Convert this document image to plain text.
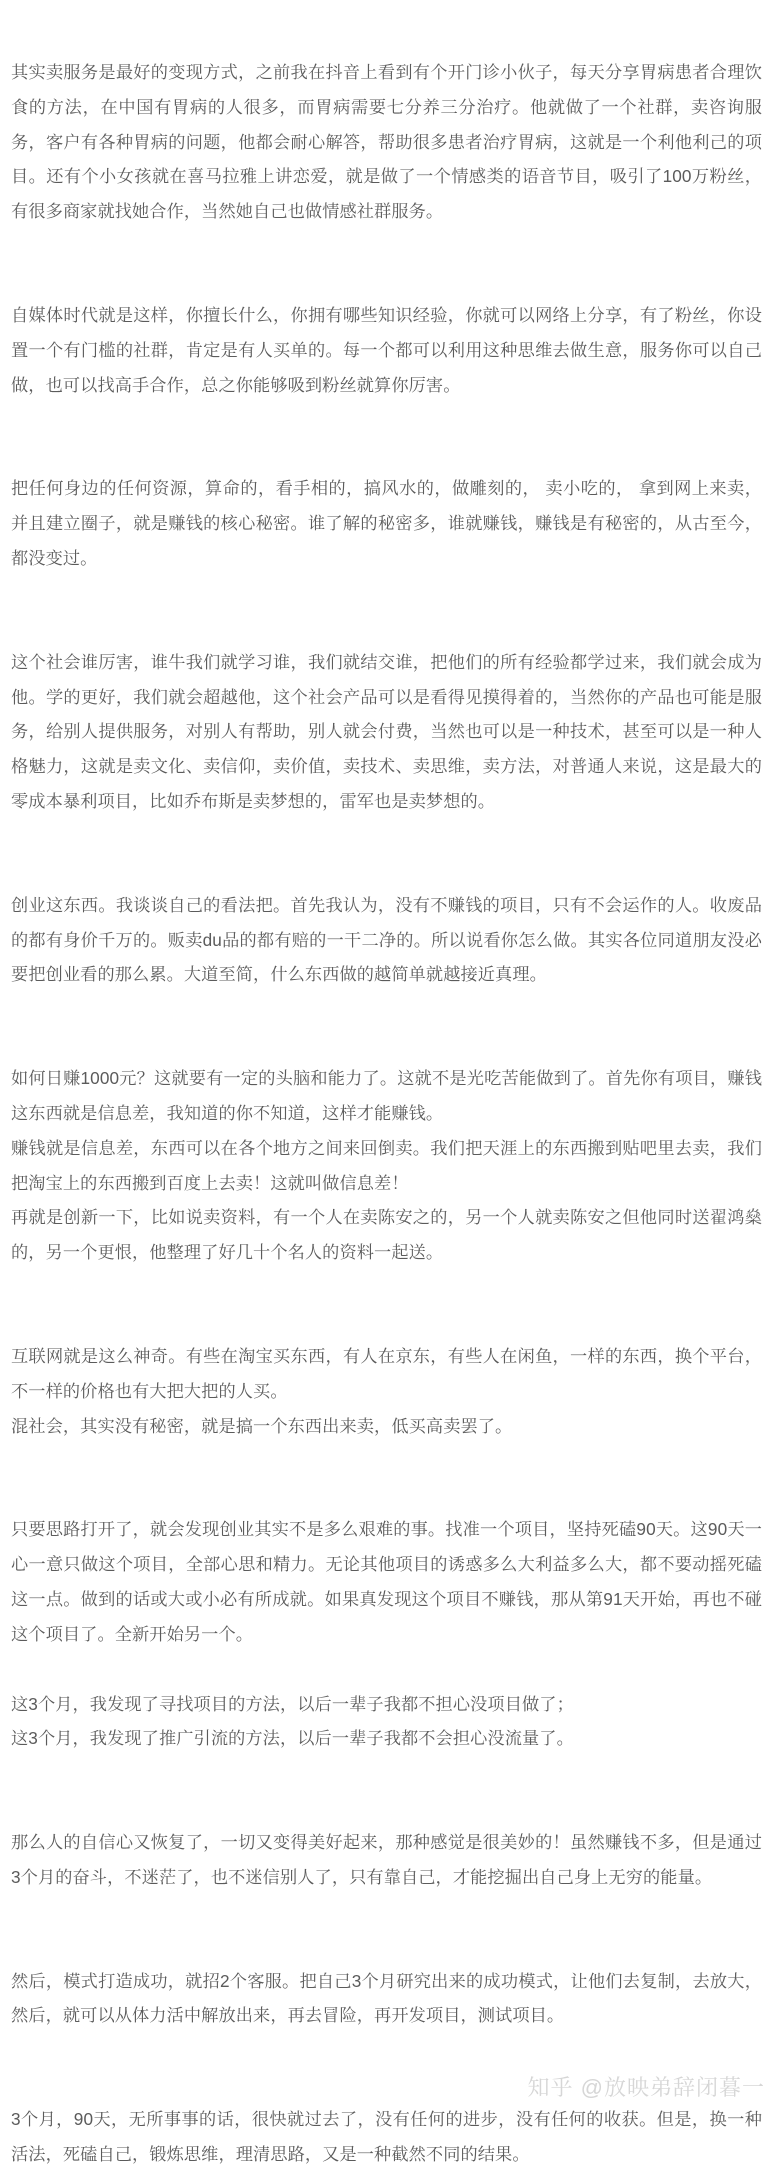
其实卖服务是最好的变现方式，之前我在抖音上看到有个开门诊小伙子，每天分享胃病患者合理饮食的方法，在中国有胃病的人很多，而胃病需要七分养三分治疗。他就做了一个社群，卖咨询服务，客户有各种胃病的问题，他都会耐心解答，帮助很多患者治疗胃病，这就是一个利他利己的项目。还有个小女孩就在喜马拉雅上讲恋爱，就是做了一个情感类的语音节目，吸引了100万粉丝，有很多商家就找她合作，当然她自己也做情感社群服务。

自媒体时代就是这样，你擅长什么，你拥有哪些知识经验，你就可以网络上分享，有了粉丝，你设置一个有门槛的社群，肯定是有人买单的。每一个都可以利用这种思维去做生意，服务你可以自己做，也可以找高手合作，总之你能够吸到粉丝就算你厉害。

把任何身边的任何资源，算命的，看手相的，搞风水的，做雕刻的， 卖小吃的， 拿到网上来卖，并且建立圈子，就是赚钱的核心秘密。谁了解的秘密多，谁就赚钱，赚钱是有秘密的，从古至今，都没变过。

这个社会谁厉害，谁牛我们就学习谁，我们就结交谁，把他们的所有经验都学过来，我们就会成为他。学的更好，我们就会超越他，这个社会产品可以是看得见摸得着的，当然你的产品也可能是服务，给别人提供服务，对别人有帮助，别人就会付费，当然也可以是一种技术，甚至可以是一种人格魅力，这就是卖文化、卖信仰，卖价值，卖技术、卖思维，卖方法，对普通人来说，这是最大的零成本暴利项目，比如乔布斯是卖梦想的，雷军也是卖梦想的。

创业这东西。我谈谈自己的看法把。首先我认为，没有不赚钱的项目，只有不会运作的人。收废品的都有身价千万的。贩卖du品的都有赔的一干二净的。所以说看你怎么做。其实各位同道朋友没必要把创业看的那么累。大道至简，什么东西做的越简单就越接近真理。

如何日赚1000元？这就要有一定的头脑和能力了。这就不是光吃苦能做到了。首先你有项目，赚钱这东西就是信息差，我知道的你不知道，这样才能赚钱。

赚钱就是信息差，东西可以在各个地方之间来回倒卖。我们把天涯上的东西搬到贴吧里去卖，我们把淘宝上的东西搬到百度上去卖！这就叫做信息差！

再就是创新一下，比如说卖资料，有一个人在卖陈安之的，另一个人就卖陈安之但他同时送翟鸿燊的，另一个更恨，他整理了好几十个名人的资料一起送。

互联网就是这么神奇。有些在淘宝买东西，有人在京东，有些人在闲鱼，一样的东西，换个平台，不一样的价格也有大把大把的人买。

混社会，其实没有秘密，就是搞一个东西出来卖，低买高卖罢了。

只要思路打开了，就会发现创业其实不是多么艰难的事。找准一个项目，坚持死磕90天。这90天一心一意只做这个项目，全部心思和精力。无论其他项目的诱惑多么大利益多么大，都不要动摇死磕这一点。做到的话或大或小必有所成就。如果真发现这个项目不赚钱，那从第91天开始，再也不碰这个项目了。全新开始另一个。

这3个月，我发现了寻找项目的方法，以后一辈子我都不担心没项目做了；

这3个月，我发现了推广引流的方法，以后一辈子我都不会担心没流量了。

那么人的自信心又恢复了，一切又变得美好起来，那种感觉是很美妙的！虽然赚钱不多，但是通过3个月的奋斗，不迷茫了，也不迷信别人了，只有靠自己，才能挖掘出自己身上无穷的能量。

然后，模式打造成功，就招2个客服。把自己3个月研究出来的成功模式，让他们去复制，去放大，然后，就可以从体力活中解放出来，再去冒险，再开发项目，测试项目。

3个月，90天，无所事事的话，很快就过去了，没有任何的进步，没有任何的收获。但是，换一种活法，死磕自己，锻炼思维，理清思路，又是一种截然不同的结果。

知乎 @放映弟辞闭暮一
